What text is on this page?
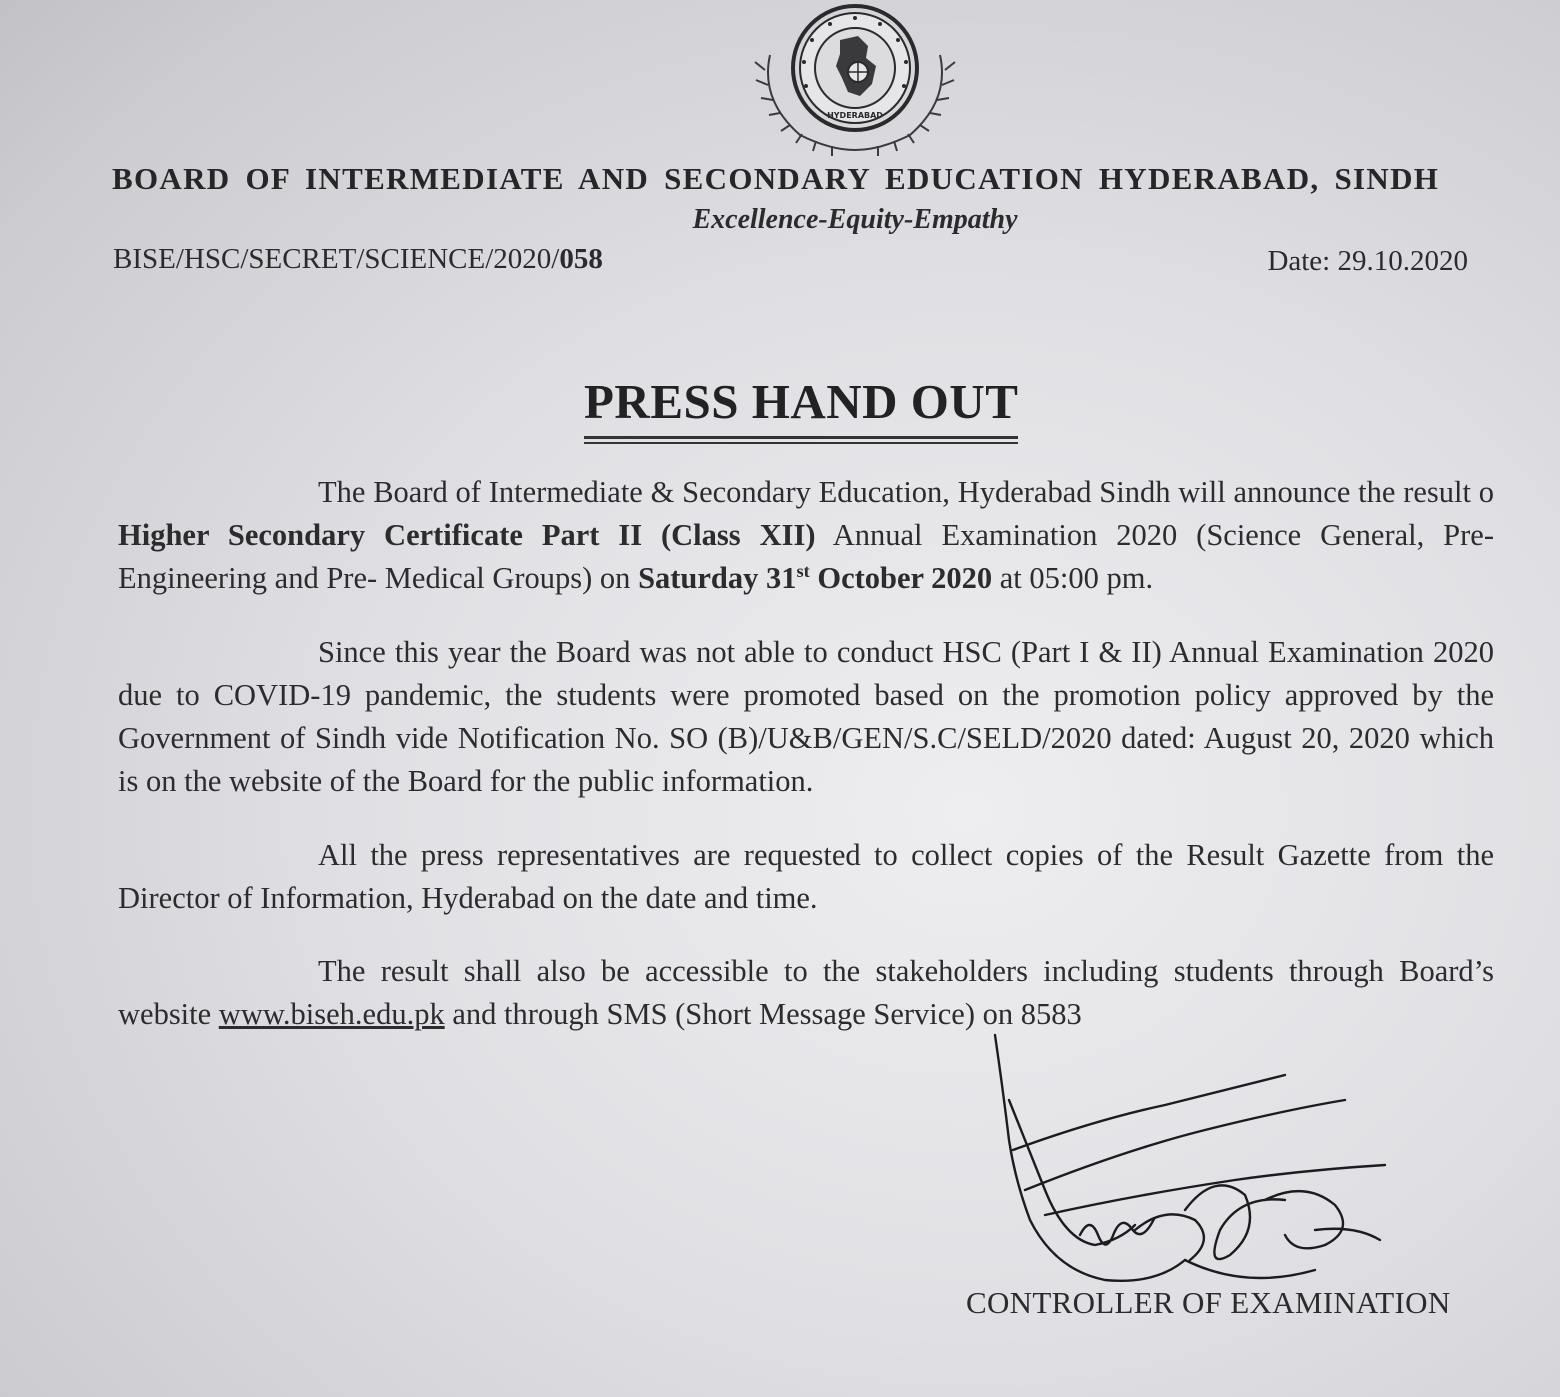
HYDERABAD
BOARD OF INTERMEDIATE AND SECONDARY EDUCATION HYDERABAD, SINDH
Excellence-Equity-Empathy
BISE/HSC/SECRET/SCIENCE/2020/058	Date: 29.10.2020
PRESS HAND OUT
The Board of Intermediate & Secondary Education, Hyderabad Sindh will announce the result o Higher Secondary Certificate Part II (Class XII) Annual Examination 2020 (Science General, Pre-Engineering and Pre- Medical Groups) on Saturday 31st October 2020 at 05:00 pm.
Since this year the Board was not able to conduct HSC (Part I & II) Annual Examination 2020 due to COVID-19 pandemic, the students were promoted based on the promotion policy approved by the Government of Sindh vide Notification No. SO (B)/U&B/GEN/S.C/SELD/2020 dated: August 20, 2020 which is on the website of the Board for the public information.
All the press representatives are requested to collect copies of the Result Gazette from the Director of Information, Hyderabad on the date and time.
The result shall also be accessible to the stakeholders including students through Board’s website www.biseh.edu.pk and through SMS (Short Message Service) on 8583
CONTROLLER OF EXAMINATION
